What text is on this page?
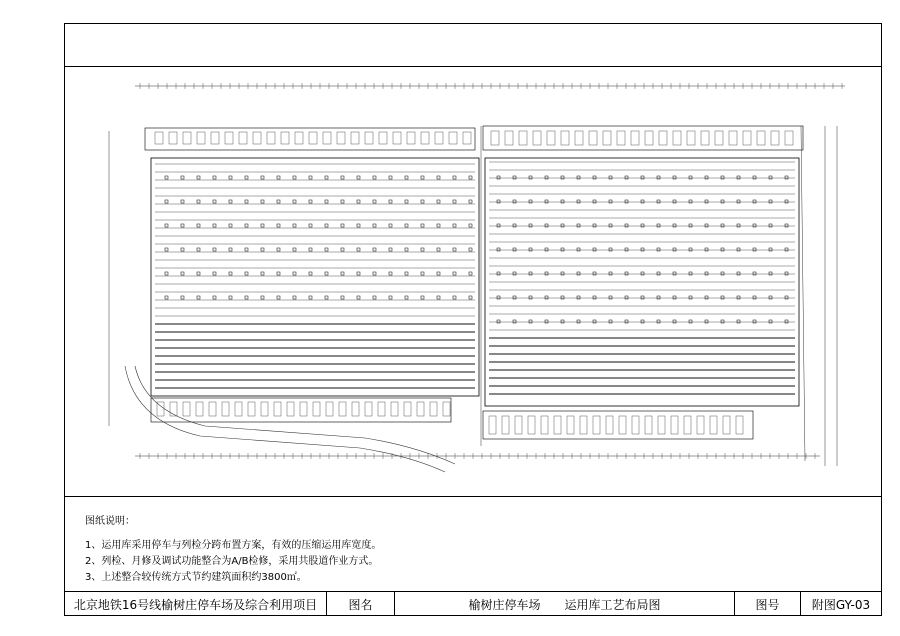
图纸说明：
1、运用库采用停车与列检分跨布置方案，有效的压缩运用库宽度。
2、列检、月修及调试功能整合为A/B检修，采用共股道作业方式。
3、上述整合较传统方式节约建筑面积约3800㎡。
北京地铁16号线榆树庄停车场及综合利用项目	图名	榆树庄停车场　　运用库工艺布局图	图号	附图GY-03
